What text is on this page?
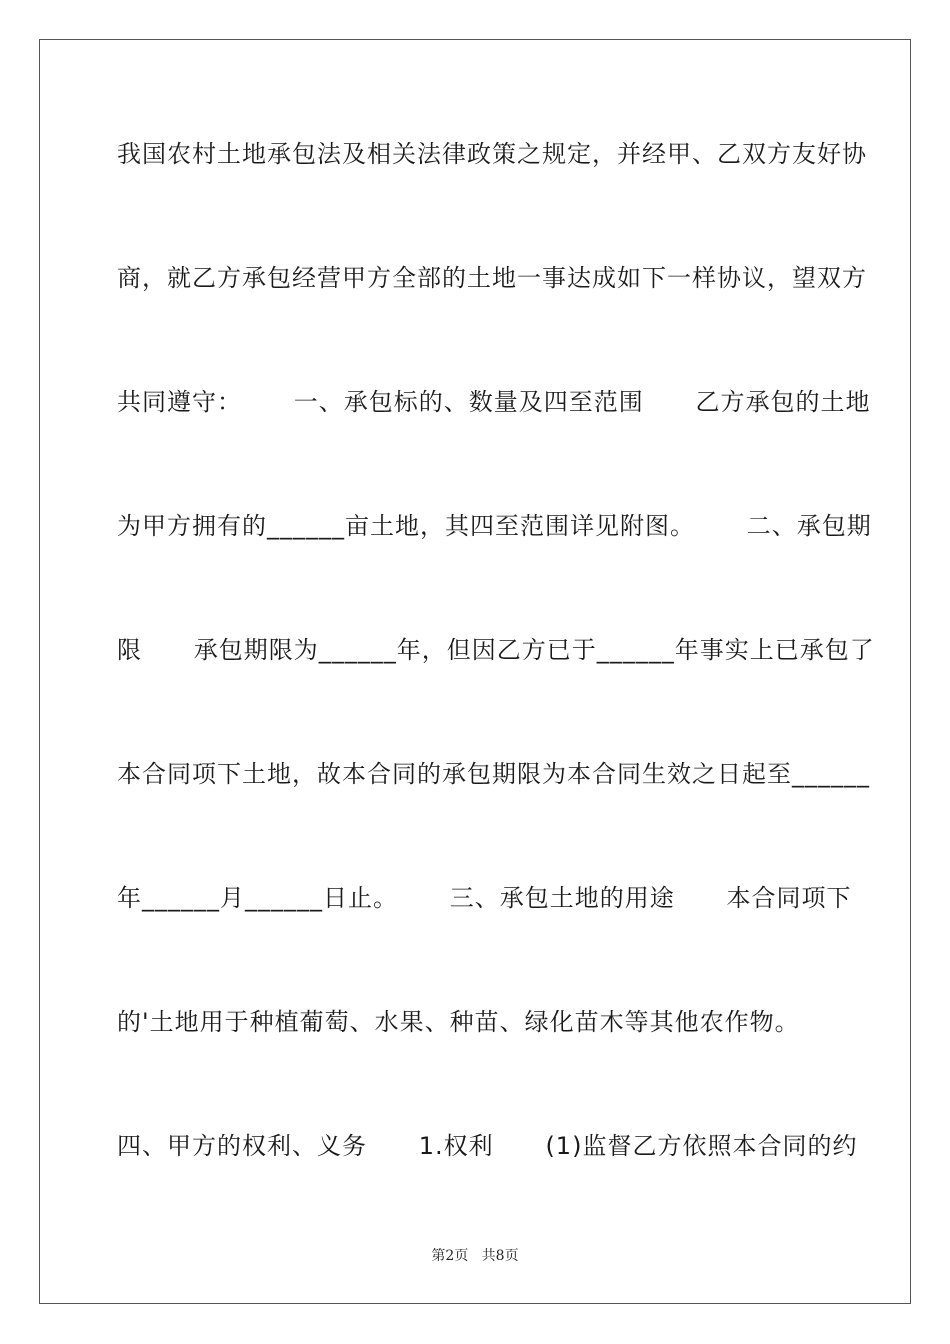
我国农村土地承包法及相关法律政策之规定，并经甲、乙双方友好协
商，就乙方承包经营甲方全部的土地一事达成如下一样协议，望双方
共同遵守：      一、承包标的、数量及四至范围      乙方承包的土地
为甲方拥有的______亩土地，其四至范围详见附图。      二、承包期
限      承包期限为______年，但因乙方已于______年事实上已承包了
本合同项下土地，故本合同的承包期限为本合同生效之日起至______
年______月______日止。      三、承包土地的用途      本合同项下
的'土地用于种植葡萄、水果、种苗、绿化苗木等其他农作物。
四、甲方的权利、义务      1.权利      (1)监督乙方依照本合同的约
第2页   共8页
